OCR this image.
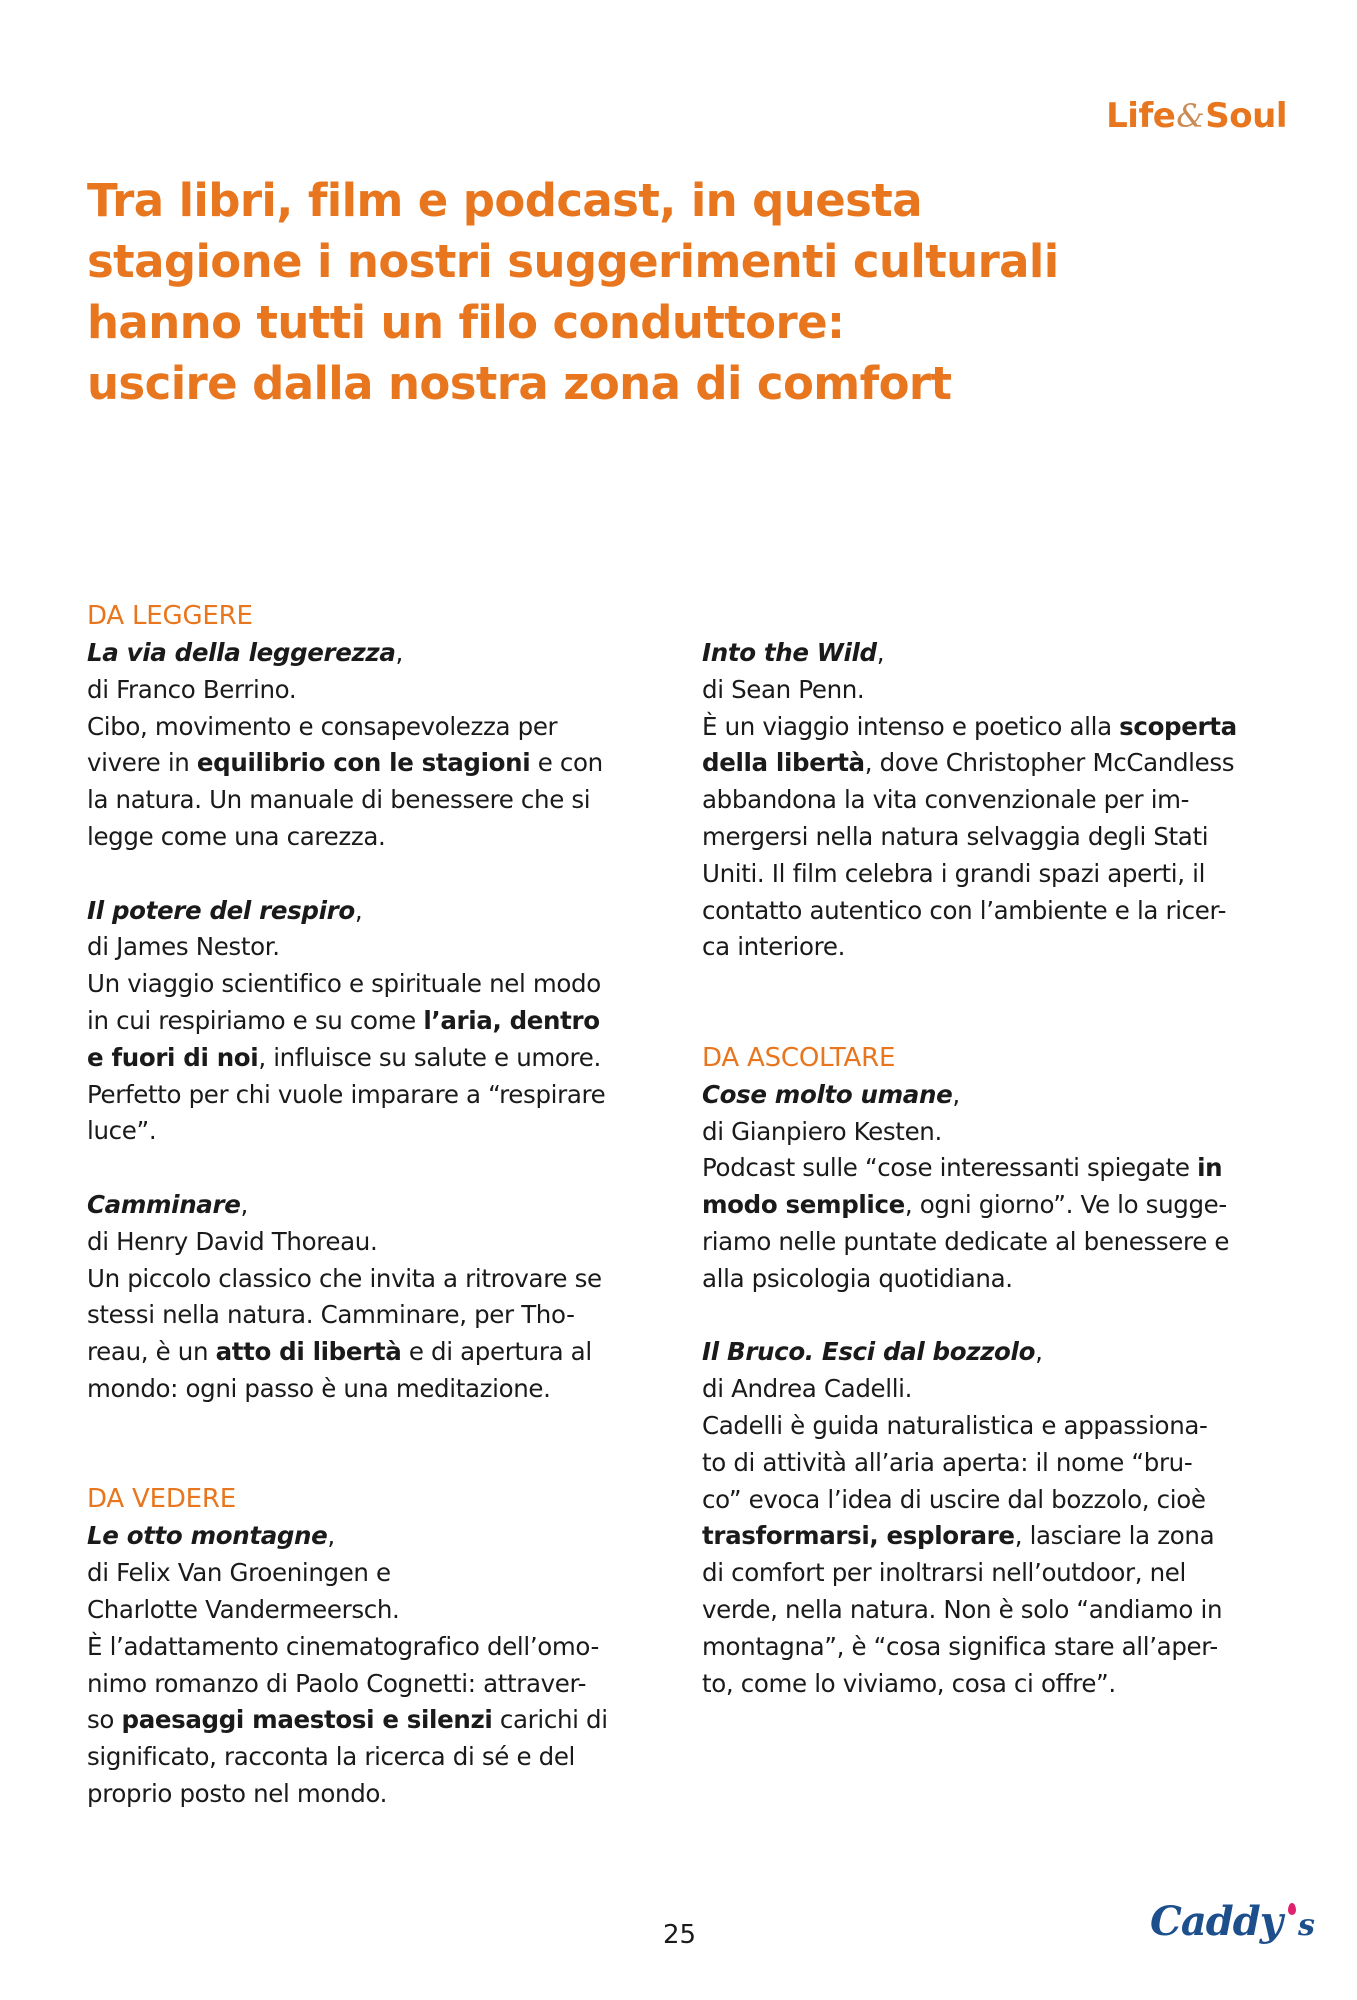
Life&Soul
Tra libri, film e podcast, in questa
stagione i nostri suggerimenti culturali
hanno tutti un filo conduttore:
uscire dalla nostra zona di comfort
DA LEGGERE
La via della leggerezza,
di Franco Berrino.
Cibo, movimento e consapevolezza per
vivere in equilibrio con le stagioni e con
la natura. Un manuale di benessere che si
legge come una carezza.
Il potere del respiro,
di James Nestor.
Un viaggio scientifico e spirituale nel modo
in cui respiriamo e su come l’aria, dentro
e fuori di noi, influisce su salute e umore.
Perfetto per chi vuole imparare a “respirare
luce”.
Camminare,
di Henry David Thoreau.
Un piccolo classico che invita a ritrovare se
stessi nella natura. Camminare, per Tho-
reau, è un atto di libertà e di apertura al
mondo: ogni passo è una meditazione.
DA VEDERE
Le otto montagne,
di Felix Van Groeningen e
Charlotte Vandermeersch.
È l’adattamento cinematografico dell’omo-
nimo romanzo di Paolo Cognetti: attraver-
so paesaggi maestosi e silenzi carichi di
significato, racconta la ricerca di sé e del
proprio posto nel mondo.
Into the Wild,
di Sean Penn.
È un viaggio intenso e poetico alla scoperta
della libertà, dove Christopher McCandless
abbandona la vita convenzionale per im-
mergersi nella natura selvaggia degli Stati
Uniti. Il film celebra i grandi spazi aperti, il
contatto autentico con l’ambiente e la ricer-
ca interiore.
DA ASCOLTARE
Cose molto umane,
di Gianpiero Kesten.
Podcast sulle “cose interessanti spiegate in
modo semplice, ogni giorno”. Ve lo sugge-
riamo nelle puntate dedicate al benessere e
alla psicologia quotidiana.
Il Bruco. Esci dal bozzolo,
di Andrea Cadelli.
Cadelli è guida naturalistica e appassiona-
to di attività all’aria aperta: il nome “bru-
co” evoca l’idea di uscire dal bozzolo, cioè
trasformarsi, esplorare, lasciare la zona
di comfort per inoltrarsi nell’outdoor, nel
verde, nella natura. Non è solo “andiamo in
montagna”, è “cosa significa stare all’aper-
to, come lo viviamo, cosa ci offre”.
25	Caddy s
